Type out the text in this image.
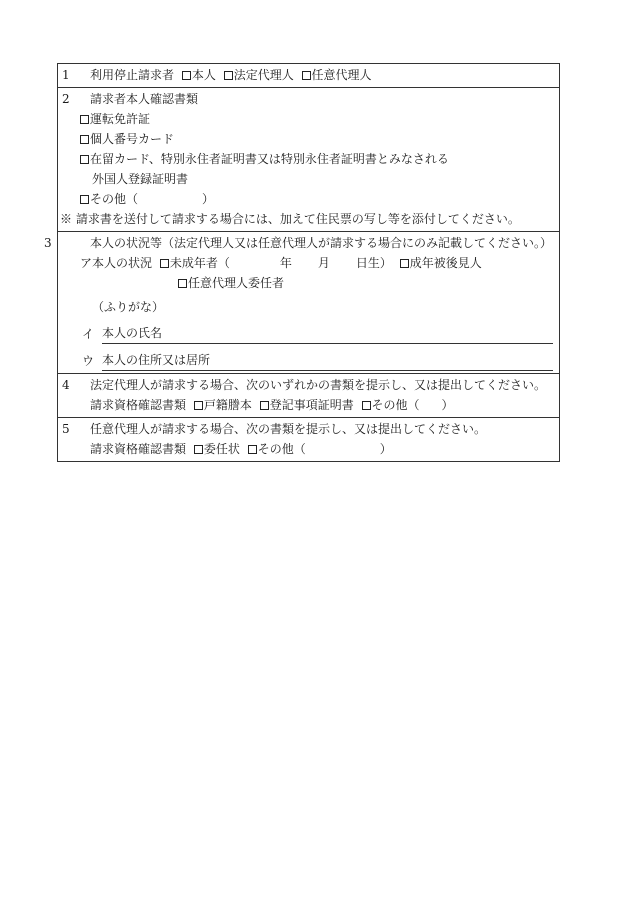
1 利用停止請求者 本人 法定代理人 任意代理人
2 請求者本人確認書類
運転免許証
個人番号カード
在留カード、特別永住者証明書又は特別永住者証明書とみなされる
外国人登録証明書
その他（	）
※ 請求書を送付して請求する場合には、加えて住民票の写し等を添付してください。
3	本人の状況等（法定代理人又は任意代理人が請求する場合にのみ記載してください。）
ア本人の状況 未成年者（	年 月 日生） 成年被後見人
任意代理人委任者
（ふりがな）
イ 本人の氏名
ウ 本人の住所又は居所
4	法定代理人が請求する場合、次のいずれかの書類を提示し、又は提出してください。
請求資格確認書類 戸籍謄本 登記事項証明書 その他（ ）
5	任意代理人が請求する場合、次の書類を提示し、又は提出してください。
請求資格確認書類 委任状 その他（	）
